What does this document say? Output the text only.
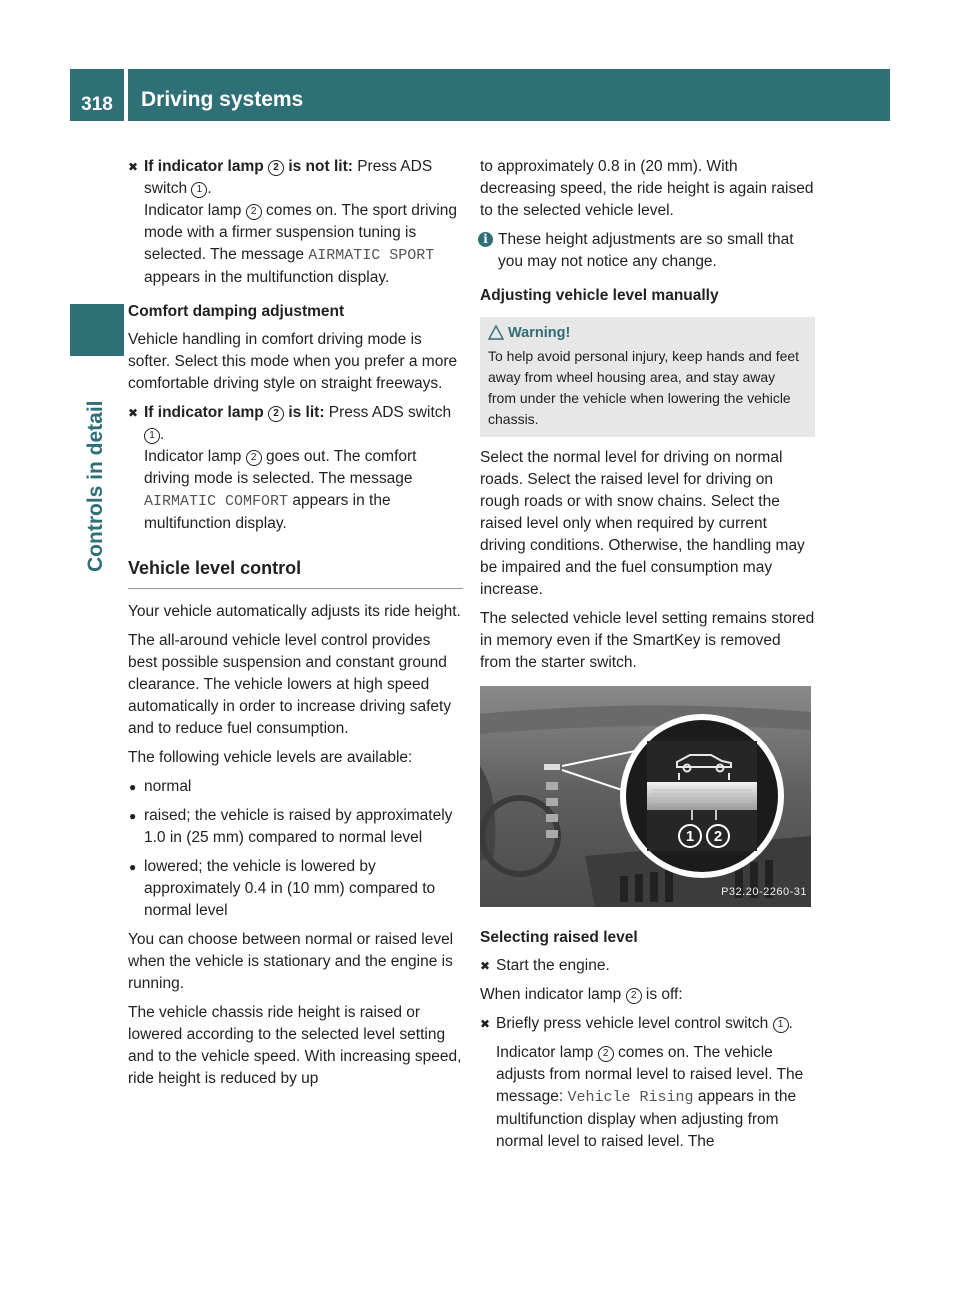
318	Driving systems
Controls in detail
✖ If indicator lamp 2 is not lit: Press ADS switch 1 .

Indicator lamp 2 comes on. The sport driving mode with a firmer suspension tuning is selected. The message AIRMATIC SPORT appears in the multifunction display.

Comfort damping adjustment

Vehicle handling in comfort driving mode is softer. Select this mode when you prefer a more comfortable driving style on straight freeways.

✖ If indicator lamp 2 is lit: Press ADS switch 1 .

Indicator lamp 2 goes out. The comfort driving mode is selected. The message AIRMATIC COMFORT appears in the multifunction display.

Vehicle level control

Your vehicle automatically adjusts its ride height.

The all-around vehicle level control provides best possible suspension and constant ground clearance. The vehicle lowers at high speed automatically in order to increase driving safety and to reduce fuel consumption.

The following vehicle levels are available:

● normal
● raised; the vehicle is raised by approximately 1.0 in (25 mm) compared to normal level
● lowered; the vehicle is lowered by approximately 0.4 in (10 mm) compared to normal level

You can choose between normal or raised level when the vehicle is stationary and the engine is running.

The vehicle chassis ride height is raised or lowered according to the selected level setting and to the vehicle speed. With increasing speed, ride height is reduced by up

to approximately 0.8 in (20 mm). With decreasing speed, the ride height is again raised to the selected vehicle level.

i These height adjustments are so small that you may not notice any change.

Adjusting vehicle level manually

Warning!
To help avoid personal injury, keep hands and feet away from wheel housing area, and stay away from under the vehicle when lowering the vehicle chassis.

Select the normal level for driving on normal roads. Select the raised level for driving on rough roads or with snow chains. Select the raised level only when required by current driving conditions. Otherwise, the handling may be impaired and the fuel consumption may increase.

The selected vehicle level setting remains stored in memory even if the SmartKey is removed from the starter switch.

1 2
P32.20-2260-31

Selecting raised level

✖ Start the engine.

When indicator lamp 2 is off:

✖ Briefly press vehicle level control switch 1 .

Indicator lamp 2 comes on. The vehicle adjusts from normal level to raised level. The message: Vehicle Rising appears in the multifunction display when adjusting from normal level to raised level. The
